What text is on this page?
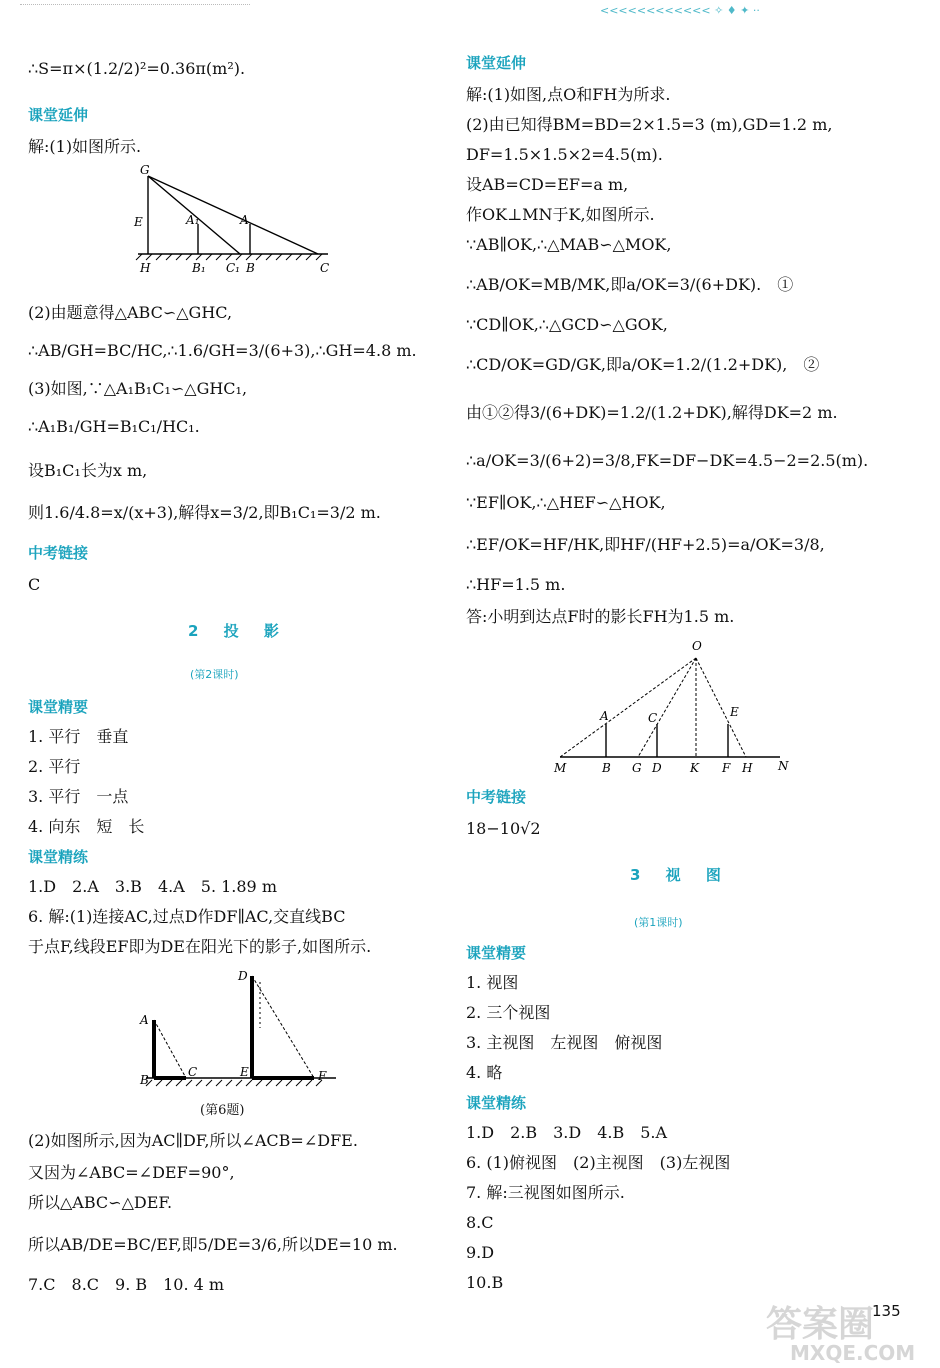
<<<<<<<<<<<< ✧ ♦ ✦ ··
∴S=π×(1.2/2)²=0.36π(m²).
课堂延伸
解:(1)如图所示.
G
E	A₁	A
H	B₁ C₁ B	C
(2)由题意得△ABC∽△GHC,
∴AB/GH=BC/HC,∴1.6/GH=3/(6+3),∴GH=4.8 m.
(3)如图,∵△A₁B₁C₁∽△GHC₁,
∴A₁B₁/GH=B₁C₁/HC₁.
设B₁C₁长为x m,
则1.6/4.8=x/(x+3),解得x=3/2,即B₁C₁=3/2 m.
中考链接
C
2 投 影
(第2课时)
课堂精要
1. 平行　垂直
2. 平行
3. 平行　一点
4. 向东　短　长
课堂精练
1.D　2.A　3.B　4.A　5. 1.89 m
6. 解:(1)连接AC,过点D作DF∥AC,交直线BC
于点F,线段EF即为DE在阳光下的影子,如图所示.
A
B
C
D
E	F
(第6题)
(2)如图所示,因为AC∥DF,所以∠ACB=∠DFE.
又因为∠ABC=∠DEF=90°,
所以△ABC∽△DEF.
所以AB/DE=BC/EF,即5/DE=3/6,所以DE=10 m.
7.C　8.C　9. B　10. 4 m
课堂延伸
解:(1)如图,点O和FH为所求.
(2)由已知得BM=BD=2×1.5=3 (m),GD=1.2 m,
DF=1.5×1.5×2=4.5(m).
设AB=CD=EF=a m,
作OK⊥MN于K,如图所示.
∵AB∥OK,∴△MAB∽△MOK,
∴AB/OK=MB/MK,即a/OK=3/(6+DK).　①
∵CD∥OK,∴△GCD∽△GOK,
∴CD/OK=GD/GK,即a/OK=1.2/(1.2+DK),　②
由①②得3/(6+DK)=1.2/(1.2+DK),解得DK=2 m.
∴a/OK=3/(6+2)=3/8,FK=DF−DK=4.5−2=2.5(m).
∵EF∥OK,∴△HEF∽△HOK,
∴EF/OK=HF/HK,即HF/(HF+2.5)=a/OK=3/8,
∴HF=1.5 m.
答:小明到达点F时的影长FH为1.5 m.
O
A	C	E
M	B G D K F H N
中考链接
18−10√2
3 视 图
(第1课时)
课堂精要
1. 视图
2. 三个视图
3. 主视图　左视图　俯视图
4. 略
课堂精练
1.D　2.B　3.D　4.B　5.A
6. (1)俯视图　(2)主视图　(3)左视图
7. 解:三视图如图所示.
8.C
9.D
10.B
答案圈
MXQE.COM
135
